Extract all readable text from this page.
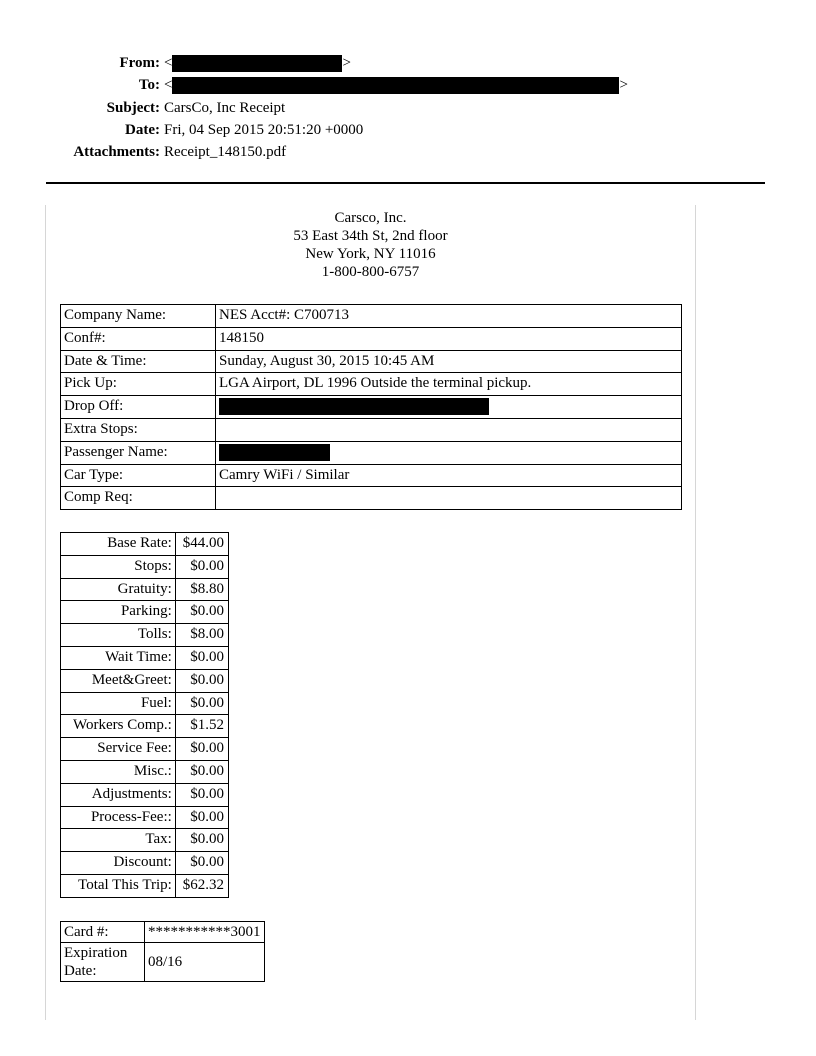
From: <	>
To: <	>
Subject: CarsCo, Inc Receipt
Date: Fri, 04 Sep 2015 20:51:20 +0000
Attachments: Receipt_148150.pdf
Carsco, Inc.
53 East 34th St, 2nd floor
New York, NY 11016
1-800-800-6757
Company Name:	NES Acct#: C700713
Conf#:	148150
Date & Time:	Sunday, August 30, 2015 10:45 AM
Pick Up:	LGA Airport, DL 1996 Outside the terminal pickup.
Drop Off:	
Extra Stops:	
Passenger Name:	
Car Type:	Camry WiFi / Similar
Comp Req:	
Base Rate:	$44.00
Stops:	$0.00
Gratuity:	$8.80
Parking:	$0.00
Tolls:	$8.00
Wait Time:	$0.00
Meet&Greet:	$0.00
Fuel:	$0.00
Workers Comp.:	$1.52
Service Fee:	$0.00
Misc.:	$0.00
Adjustments:	$0.00
Process-Fee::	$0.00
Tax:	$0.00
Discount:	$0.00
Total This Trip:	$62.32
Card #:	***********3001
Expiration Date:	08/16
